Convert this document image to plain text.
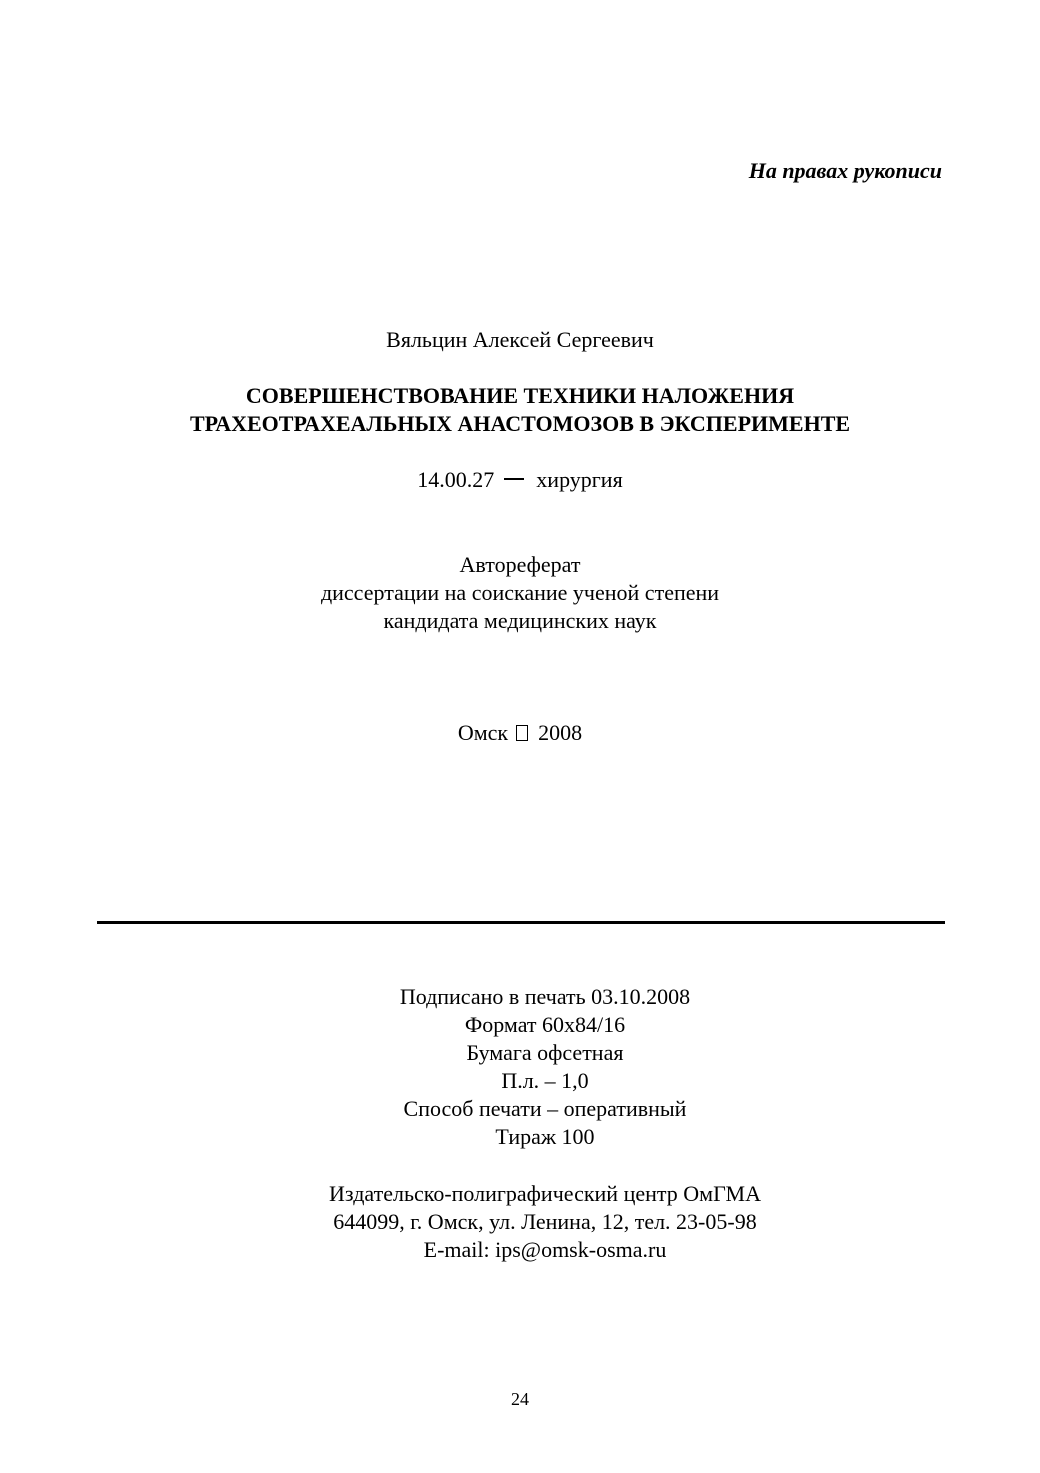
На правах рукописи
Вяльцин Алексей Сергеевич
СОВЕРШЕНСТВОВАНИЕ ТЕХНИКИ НАЛОЖЕНИЯ
ТРАХЕОТРАХЕАЛЬНЫХ АНАСТОМОЗОВ В ЭКСПЕРИМЕНТЕ
14.00.27 хирургия
Автореферат
диссертации на соискание ученой степени
кандидата медицинских наук
Омск 2008
Подписано в печать 03.10.2008
Формат 60х84/16
Бумага офсетная
П.л. – 1,0
Способ печати – оперативный
Тираж 100
Издательско-полиграфический центр ОмГМА
644099, г. Омск, ул. Ленина, 12, тел. 23-05-98
E-mail: ips@omsk-osma.ru
24
